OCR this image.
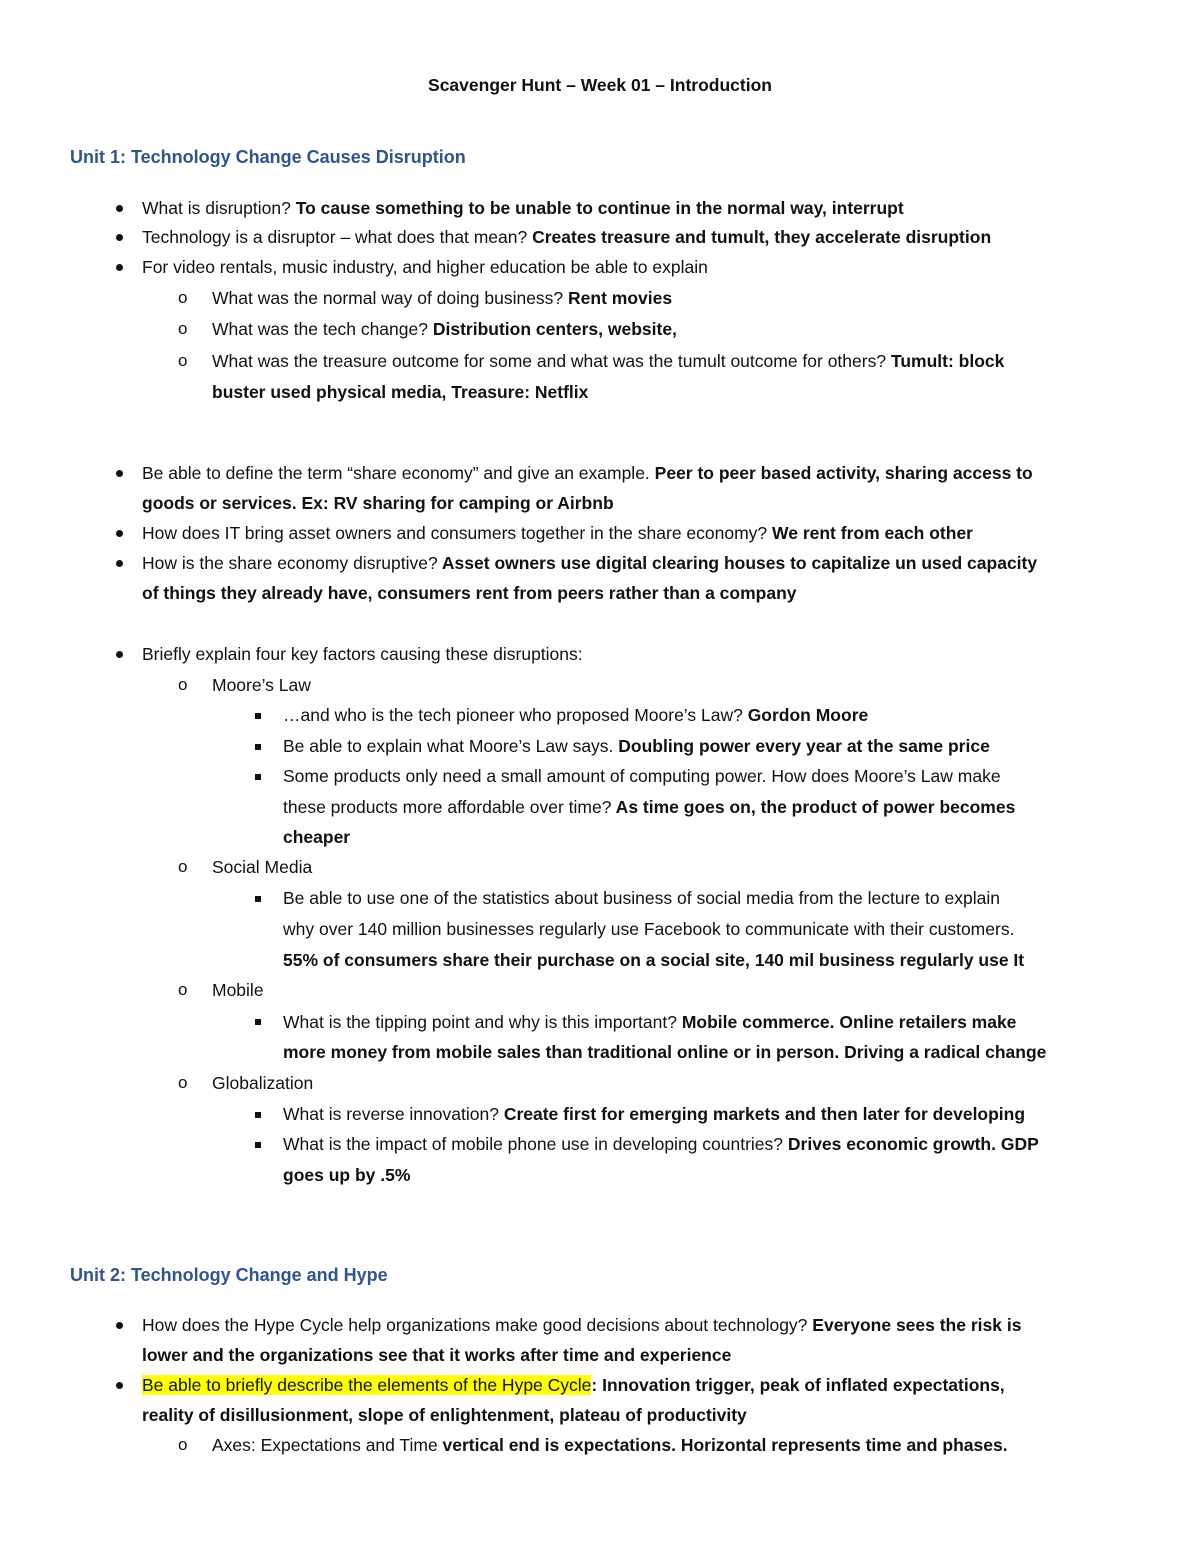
Scavenger Hunt – Week 01 – Introduction
Unit 1: Technology Change Causes Disruption
What is disruption? To cause something to be unable to continue in the normal way, interrupt
Technology is a disruptor – what does that mean? Creates treasure and tumult, they accelerate disruption
For video rentals, music industry, and higher education be able to explain
o What was the normal way of doing business? Rent movies
o What was the tech change? Distribution centers, website,
o What was the treasure outcome for some and what was the tumult outcome for others? Tumult: block
buster used physical media, Treasure: Netflix
Be able to define the term “share economy” and give an example. Peer to peer based activity, sharing access to
goods or services. Ex: RV sharing for camping or Airbnb
How does IT bring asset owners and consumers together in the share economy? We rent from each other
How is the share economy disruptive? Asset owners use digital clearing houses to capitalize un used capacity
of things they already have, consumers rent from peers rather than a company
Briefly explain four key factors causing these disruptions:
o Moore’s Law
…and who is the tech pioneer who proposed Moore’s Law? Gordon Moore
Be able to explain what Moore’s Law says. Doubling power every year at the same price
Some products only need a small amount of computing power. How does Moore’s Law make
these products more affordable over time? As time goes on, the product of power becomes
cheaper
o Social Media
Be able to use one of the statistics about business of social media from the lecture to explain
why over 140 million businesses regularly use Facebook to communicate with their customers.
55% of consumers share their purchase on a social site, 140 mil business regularly use It
o Mobile
What is the tipping point and why is this important? Mobile commerce. Online retailers make
more money from mobile sales than traditional online or in person. Driving a radical change
o Globalization
What is reverse innovation? Create first for emerging markets and then later for developing
What is the impact of mobile phone use in developing countries? Drives economic growth. GDP
goes up by .5%
Unit 2: Technology Change and Hype
How does the Hype Cycle help organizations make good decisions about technology? Everyone sees the risk is
lower and the organizations see that it works after time and experience
Be able to briefly describe the elements of the Hype Cycle: Innovation trigger, peak of inflated expectations,
reality of disillusionment, slope of enlightenment, plateau of productivity
o Axes: Expectations and Time vertical end is expectations. Horizontal represents time and phases.
